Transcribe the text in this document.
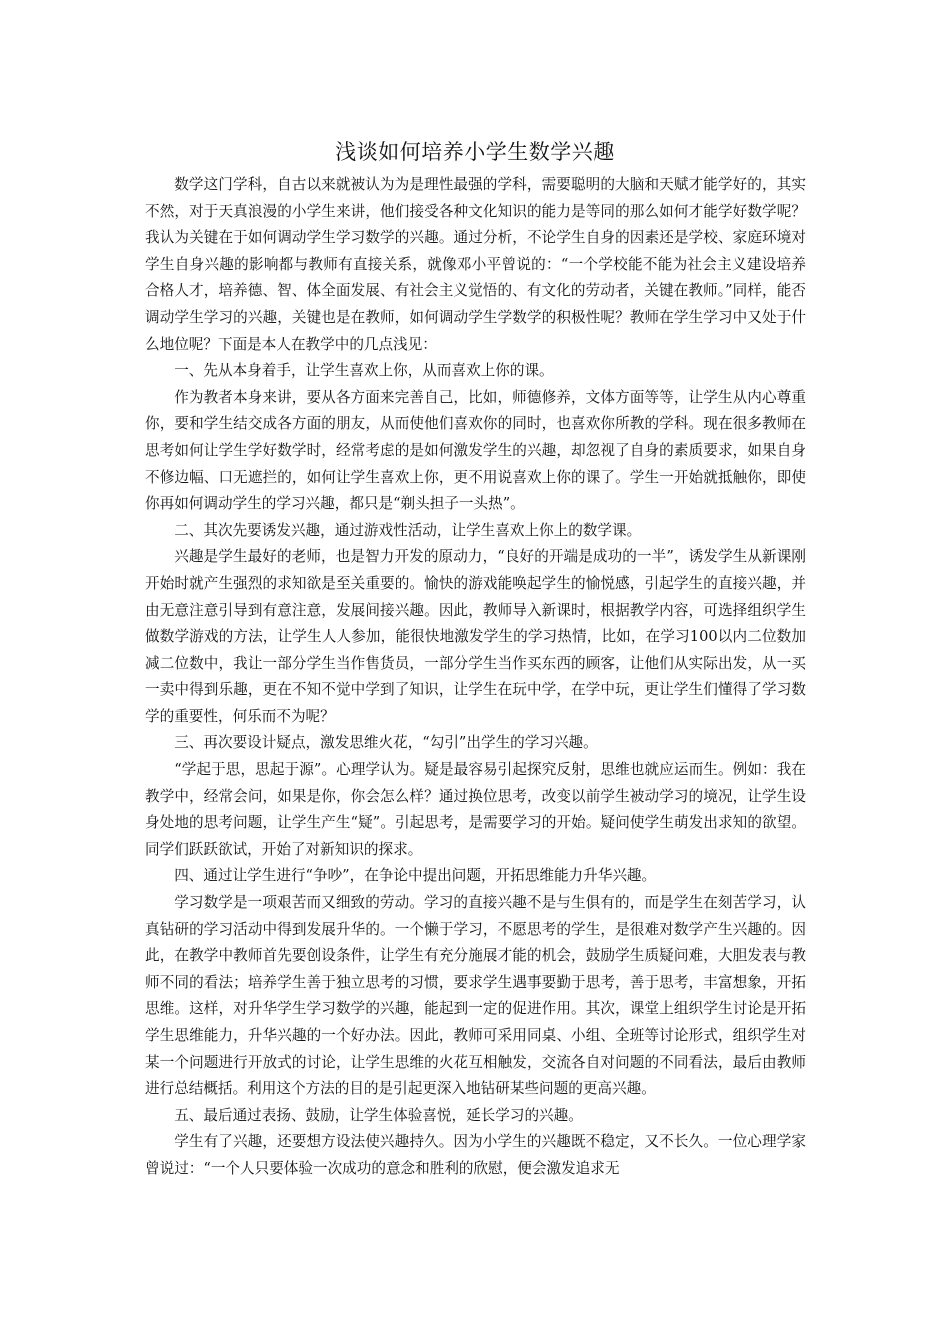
浅谈如何培养小学生数学兴趣

数学这门学科，自古以来就被认为为是理性最强的学科，需要聪明的大脑和天赋才能学好的，其实不然，对于天真浪漫的小学生来讲，他们接受各种文化知识的能力是等同的那么如何才能学好数学呢？我认为关键在于如何调动学生学习数学的兴趣。通过分析，不论学生自身的因素还是学校、家庭环境对学生自身兴趣的影响都与教师有直接关系，就像邓小平曾说的：“一个学校能不能为社会主义建设培养合格人才，培养德、智、体全面发展、有社会主义觉悟的、有文化的劳动者，关键在教师。”同样，能否调动学生学习的兴趣，关键也是在教师，如何调动学生学数学的积极性呢？教师在学生学习中又处于什么地位呢？下面是本人在教学中的几点浅见：

一、先从本身着手，让学生喜欢上你，从而喜欢上你的课。

作为教者本身来讲，要从各方面来完善自己，比如，师德修养，文体方面等等，让学生从内心尊重你，要和学生结交成各方面的朋友，从而使他们喜欢你的同时，也喜欢你所教的学科。现在很多教师在思考如何让学生学好数学时，经常考虑的是如何激发学生的兴趣，却忽视了自身的素质要求，如果自身不修边幅、口无遮拦的，如何让学生喜欢上你，更不用说喜欢上你的课了。学生一开始就抵触你，即使你再如何调动学生的学习兴趣，都只是“剃头担子一头热”。

二、其次先要诱发兴趣，通过游戏性活动，让学生喜欢上你上的数学课。

兴趣是学生最好的老师，也是智力开发的原动力，“良好的开端是成功的一半”，诱发学生从新课刚开始时就产生强烈的求知欲是至关重要的。愉快的游戏能唤起学生的愉悦感，引起学生的直接兴趣，并由无意注意引导到有意注意，发展间接兴趣。因此，教师导入新课时，根据教学内容，可选择组织学生做数学游戏的方法，让学生人人参加，能很快地激发学生的学习热情，比如，在学习100以内二位数加减二位数中，我让一部分学生当作售货员，一部分学生当作买东西的顾客，让他们从实际出发，从一买一卖中得到乐趣，更在不知不觉中学到了知识，让学生在玩中学，在学中玩，更让学生们懂得了学习数学的重要性，何乐而不为呢？

三、再次要设计疑点，激发思维火花，“勾引”出学生的学习兴趣。

“学起于思，思起于源”。心理学认为。疑是最容易引起探究反射，思维也就应运而生。例如：我在教学中，经常会问，如果是你，你会怎么样？通过换位思考，改变以前学生被动学习的境况，让学生设身处地的思考问题，让学生产生“疑”。引起思考，是需要学习的开始。疑问使学生萌发出求知的欲望。同学们跃跃欲试，开始了对新知识的探求。

四、通过让学生进行“争吵”，在争论中提出问题，开拓思维能力升华兴趣。

学习数学是一项艰苦而又细致的劳动。学习的直接兴趣不是与生俱有的，而是学生在刻苦学习，认真钻研的学习活动中得到发展升华的。一个懒于学习，不愿思考的学生，是很难对数学产生兴趣的。因此，在教学中教师首先要创设条件，让学生有充分施展才能的机会，鼓励学生质疑问难，大胆发表与教师不同的看法；培养学生善于独立思考的习惯，要求学生遇事要勤于思考，善于思考，丰富想象，开拓思维。这样，对升华学生学习数学的兴趣，能起到一定的促进作用。其次，课堂上组织学生讨论是开拓学生思维能力，升华兴趣的一个好办法。因此，教师可采用同桌、小组、全班等讨论形式，组织学生对某一个问题进行开放式的讨论，让学生思维的火花互相触发，交流各自对问题的不同看法，最后由教师进行总结概括。利用这个方法的目的是引起更深入地钻研某些问题的更高兴趣。

五、最后通过表扬、鼓励，让学生体验喜悦，延长学习的兴趣。

学生有了兴趣，还要想方设法使兴趣持久。因为小学生的兴趣既不稳定，又不长久。一位心理学家曾说过：“一个人只要体验一次成功的意念和胜利的欣慰，便会激发追求无
